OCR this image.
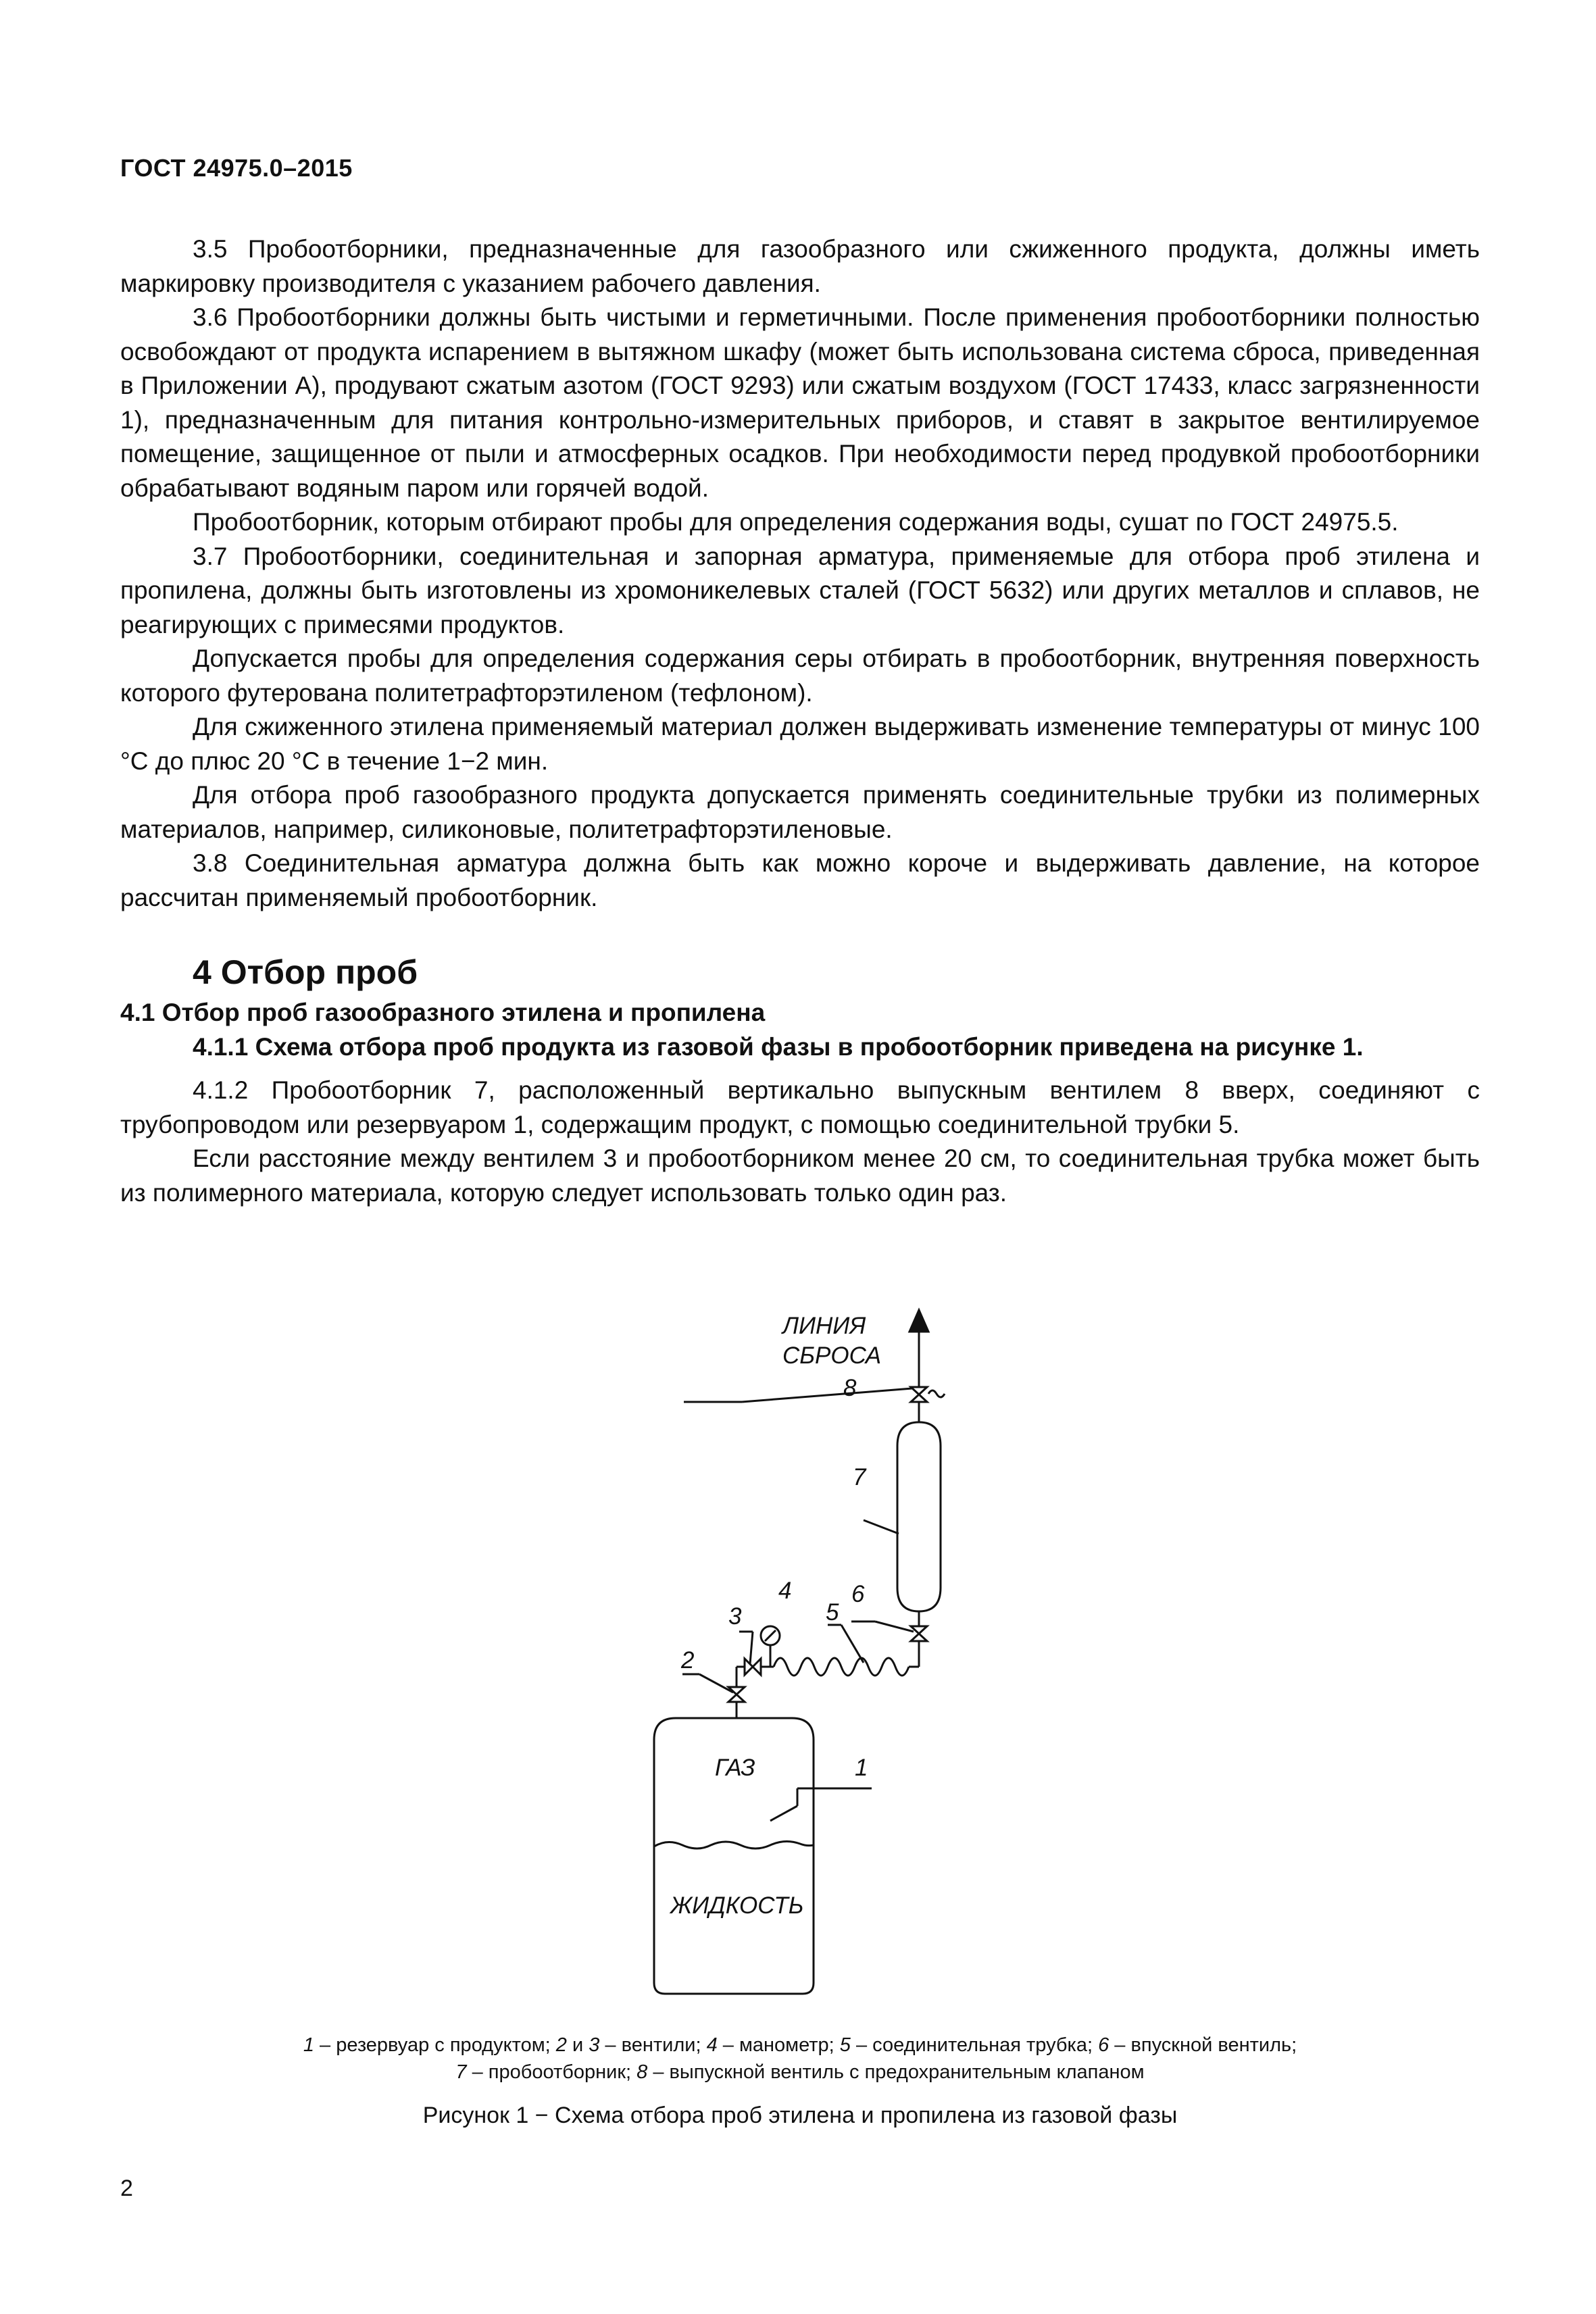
ГОСТ 24975.0–2015

3.5 Пробоотборники, предназначенные для газообразного или сжиженного продукта, должны иметь маркировку производителя с указанием рабочего давления.

3.6 Пробоотборники должны быть чистыми и герметичными. После применения пробоотборники полностью освобождают от продукта испарением в вытяжном шкафу (может быть использована система сброса, приведенная в Приложении А), продувают сжатым азотом (ГОСТ 9293) или сжатым воздухом (ГОСТ 17433, класс загрязненности 1), предназначенным для питания контрольно-измерительных приборов, и ставят в закрытое вентилируемое помещение, защищенное от пыли и атмосферных осадков. При необходимости перед продувкой пробоотборники обрабатывают водяным паром или горячей водой.

Пробоотборник, которым отбирают пробы для определения содержания воды, сушат по ГОСТ 24975.5.

3.7 Пробоотборники, соединительная и запорная арматура, применяемые для отбора проб этилена и пропилена, должны быть изготовлены из хромоникелевых сталей (ГОСТ 5632) или других металлов и сплавов, не реагирующих с примесями продуктов.

Допускается пробы для определения содержания серы отбирать в пробоотборник, внутренняя поверхность которого футерована политетрафторэтиленом (тефлоном).

Для сжиженного этилена применяемый материал должен выдерживать изменение температуры от минус 100 °С до плюс 20 °С в течение 1−2 мин.

Для отбора проб газообразного продукта допускается применять соединительные трубки из полимерных материалов, например, силиконовые, политетрафторэтиленовые.

3.8 Соединительная арматура должна быть как можно короче и выдерживать давление, на которое рассчитан применяемый пробоотборник.

4 Отбор проб

4.1 Отбор проб газообразного этилена и пропилена

4.1.1 Схема отбора проб продукта из газовой фазы в пробоотборник приведена на рисунке 1.

4.1.2 Пробоотборник 7, расположенный вертикально выпускным вентилем 8 вверх, соединяют с трубопроводом или резервуаром 1, содержащим продукт, с помощью соединительной трубки 5.

Если расстояние между вентилем 3 и пробоотборником менее 20 см, то соединительная трубка может быть из полимерного материала, которую следует использовать только один раз.

ЛИНИЯ
СБРОСА
8
7
6
4
5
3
2
ГАЗ	1
ЖИДКОСТЬ
1 – резервуар с продуктом; 2 и 3 – вентили; 4 – манометр; 5 – соединительная трубка; 6 – впускной вентиль;
7 – пробоотборник; 8 – выпускной вентиль с предохранительным клапаном
Рисунок 1 − Схема отбора проб этилена и пропилена из газовой фазы
2
